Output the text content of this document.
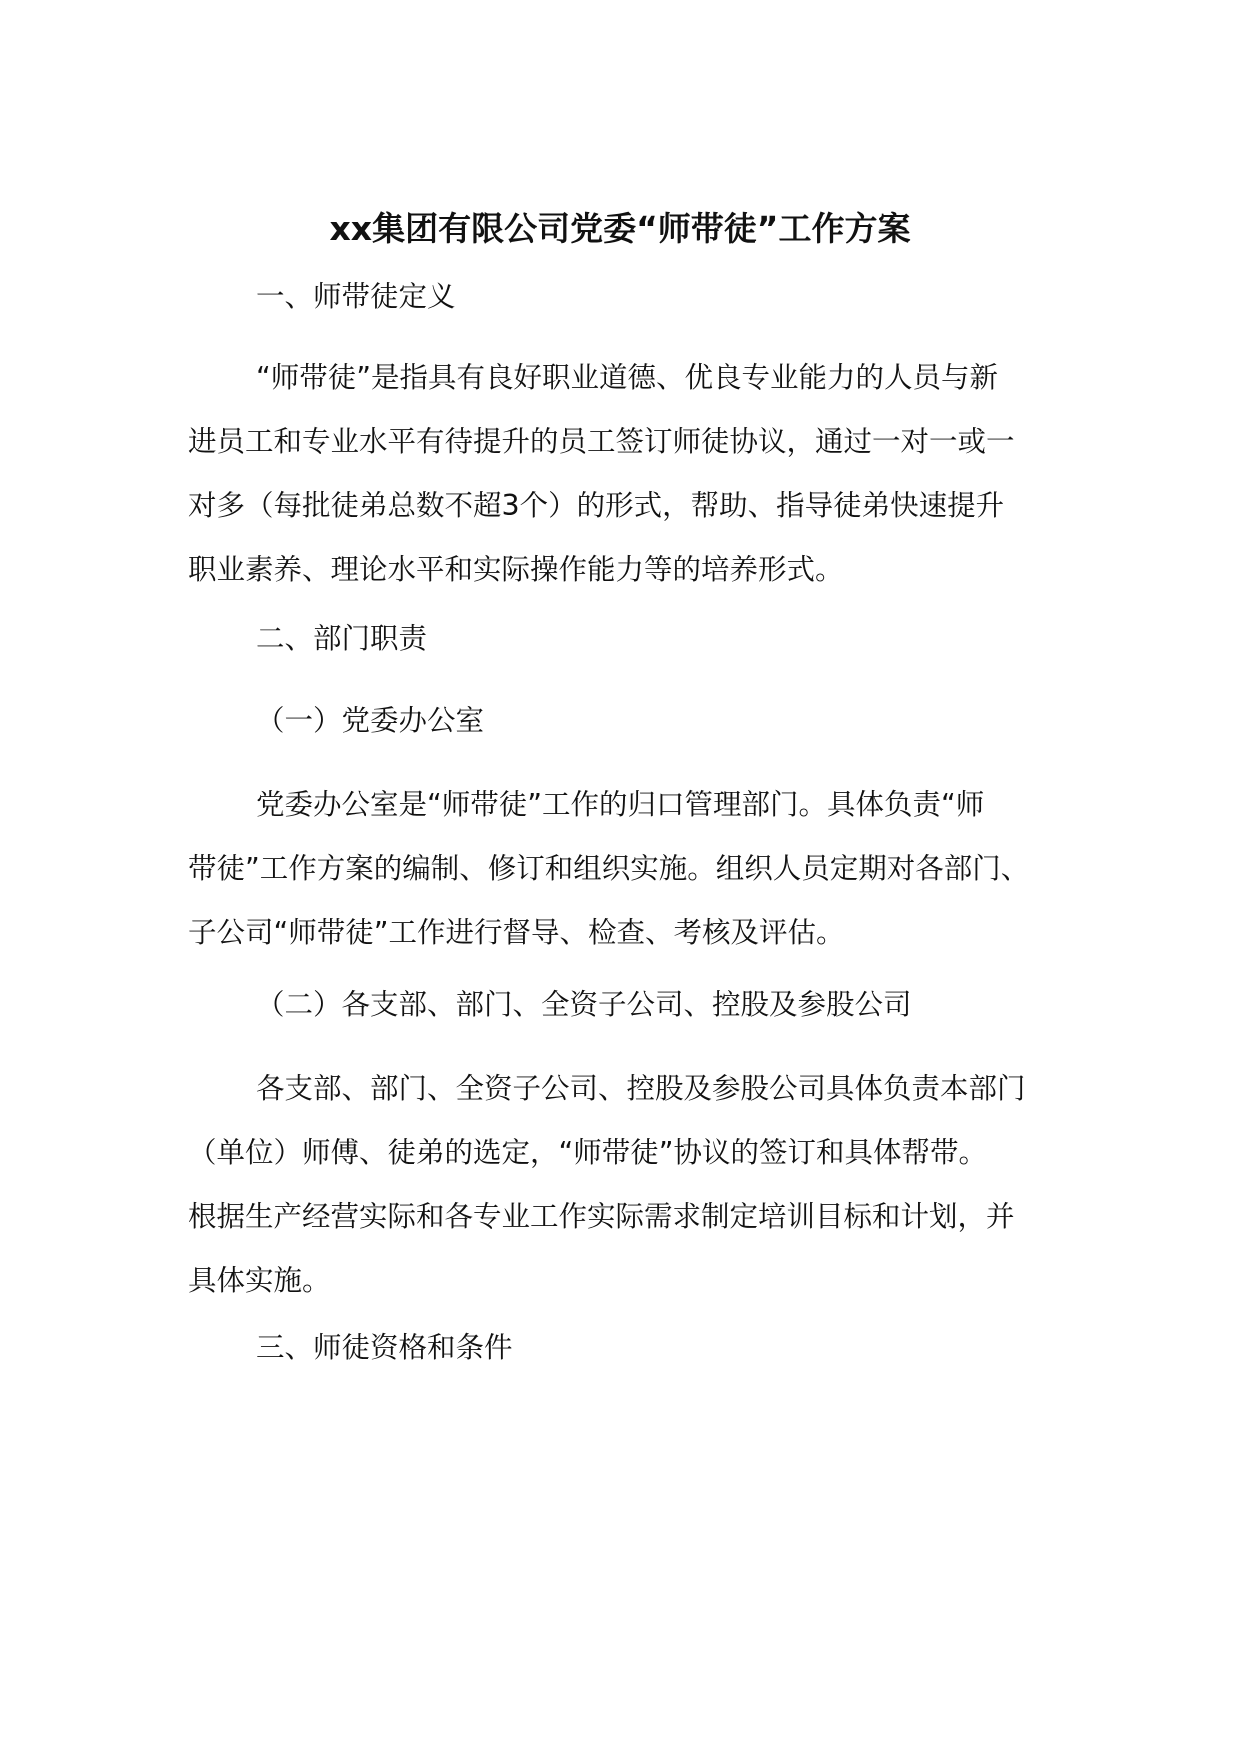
xx集团有限公司党委“师带徒”工作方案
一、师带徒定义
“师带徒”是指具有良好职业道德、优良专业能力的人员与新
进员工和专业水平有待提升的员工签订师徒协议，通过一对一或一
对多（每批徒弟总数不超3个）的形式，帮助、指导徒弟快速提升
职业素养、理论水平和实际操作能力等的培养形式。
二、部门职责
（一）党委办公室
党委办公室是“师带徒”工作的归口管理部门。具体负责“师
带徒”工作方案的编制、修订和组织实施。组织人员定期对各部门、
子公司“师带徒”工作进行督导、检查、考核及评估。
（二）各支部、部门、全资子公司、控股及参股公司
各支部、部门、全资子公司、控股及参股公司具体负责本部门
（单位）师傅、徒弟的选定，“师带徒”协议的签订和具体帮带。
根据生产经营实际和各专业工作实际需求制定培训目标和计划，并
具体实施。
三、师徒资格和条件
